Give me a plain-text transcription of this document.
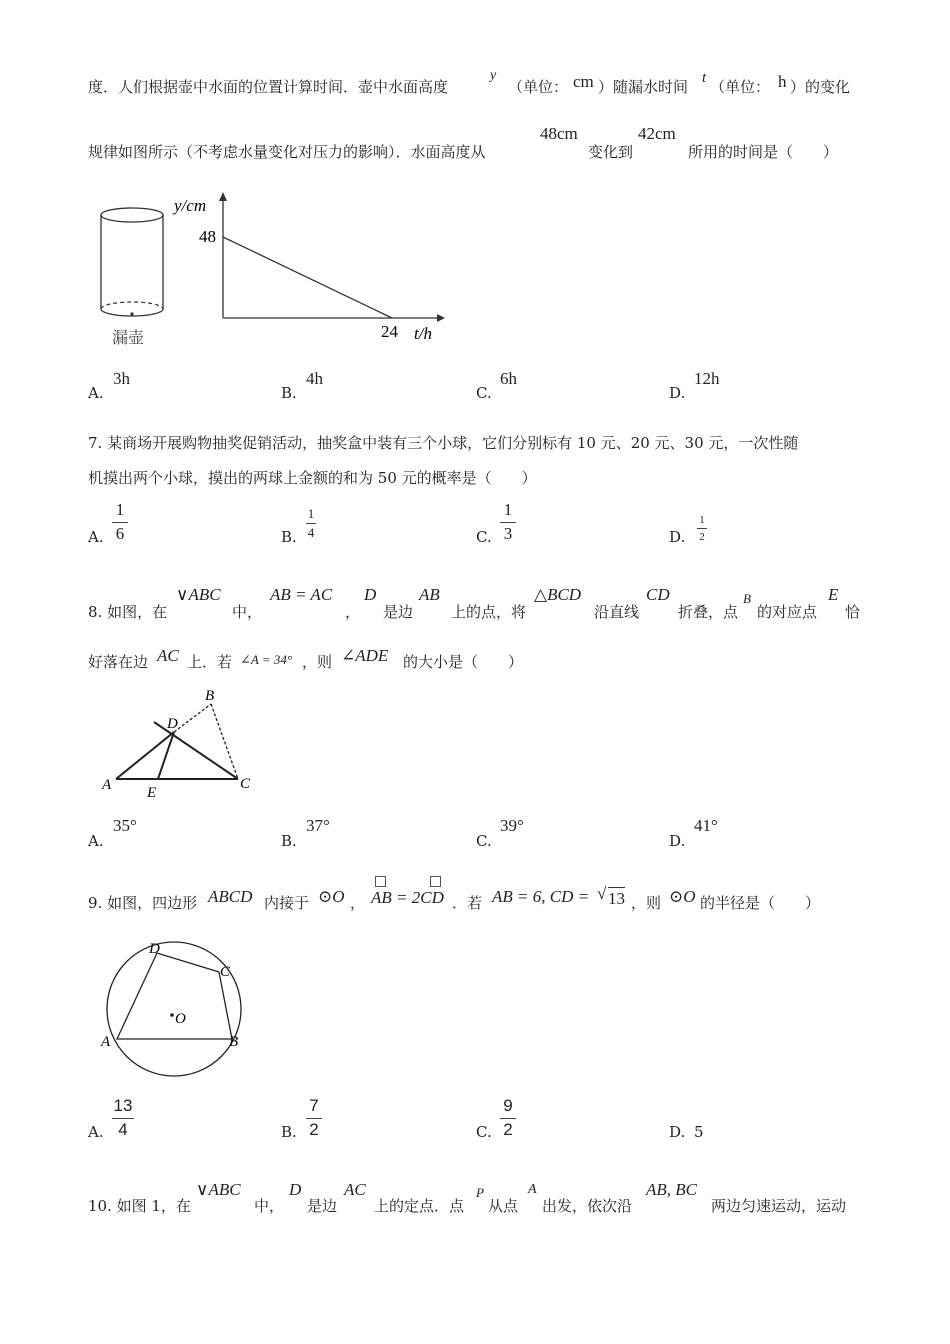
度．人们根据壶中水面的位置计算时间．壶中水面高度
y
（单位： cm ）随漏水时间 t （单位： h ）的变化
规律如图所示（不考虑水量变化对压力的影响）．水面高度从
48cm
变化到
42cm
所用的时间是（　　）
漏壶
y/cm
48
24 t/h
A.
3h
B.
4h
C.
6h
D.
12h
7. 某商场开展购物抽奖促销活动，抽奖盒中装有三个小球，它们分别标有 10 元、20 元、30 元，一次性随
机摸出两个小球，摸出的两球上金额的和为 50 元的概率是（　　）
A.
1
6	B.
1
4	C.
1
3	D.
1
2
8. 如图，在
∨ABC
中，
AB = AC
，
D
是边
AB
上的点，将
△BCD
沿直线
CD
折叠，点
B
的对应点
E
恰
好落在边 AC 上．若 ∠A = 34° ，则 ∠ADE 的大小是（　　）
A
B
C
D
E
A.
35°
B.
37°
C.
39°
D.
41°
9. 如图，四边形 ABCD 内接于 ⊙O ， AB = 2CD ．若 AB = 6, CD = √ 13 ，则 ⊙O 的半径是（　　）
O
A	B
C
D
A.
13
4	B.
7
2	C.
9
2	D. 5
10. 如图 1，在
∨ABC
中，
D
是边
AC
上的定点．点
P
从点
A
出发，依次沿
AB, BC
两边匀速运动，运动
